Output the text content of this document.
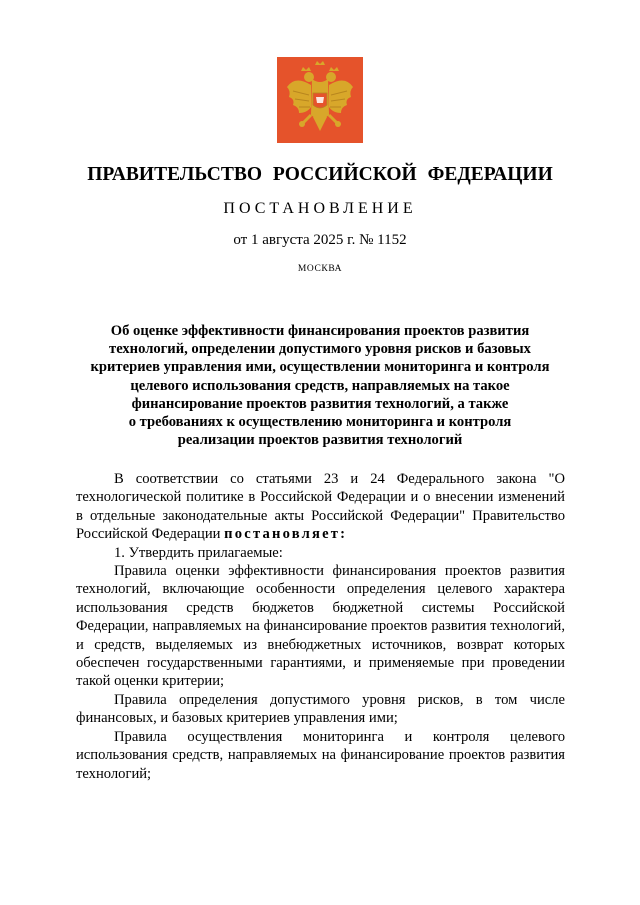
ПРАВИТЕЛЬСТВО РОССИЙСКОЙ ФЕДЕРАЦИИ
ПОСТАНОВЛЕНИЕ
от 1 августа 2025 г. № 1152
МОСКВА
Об оценке эффективности финансирования проектов развития
технологий, определении допустимого уровня рисков и базовых
критериев управления ими, осуществлении мониторинга и контроля
целевого использования средств, направляемых на такое
финансирование проектов развития технологий, а также
о требованиях к осуществлению мониторинга и контроля
реализации проектов развития технологий

В соответствии со статьями 23 и 24 Федерального закона "О технологической политике в Российской Федерации и о внесении изменений в отдельные законодательные акты Российской Федерации" Правительство Российской Федерации постановляет:

1. Утвердить прилагаемые:

Правила оценки эффективности финансирования проектов развития технологий, включающие особенности определения целевого характера использования средств бюджетов бюджетной системы Российской Федерации, направляемых на финансирование проектов развития технологий, и средств, выделяемых из внебюджетных источников, возврат которых обеспечен государственными гарантиями, и применяемые при проведении такой оценки критерии;

Правила определения допустимого уровня рисков, в том числе финансовых, и базовых критериев управления ими;

Правила осуществления мониторинга и контроля целевого использования средств, направляемых на финансирование проектов развития технологий;
